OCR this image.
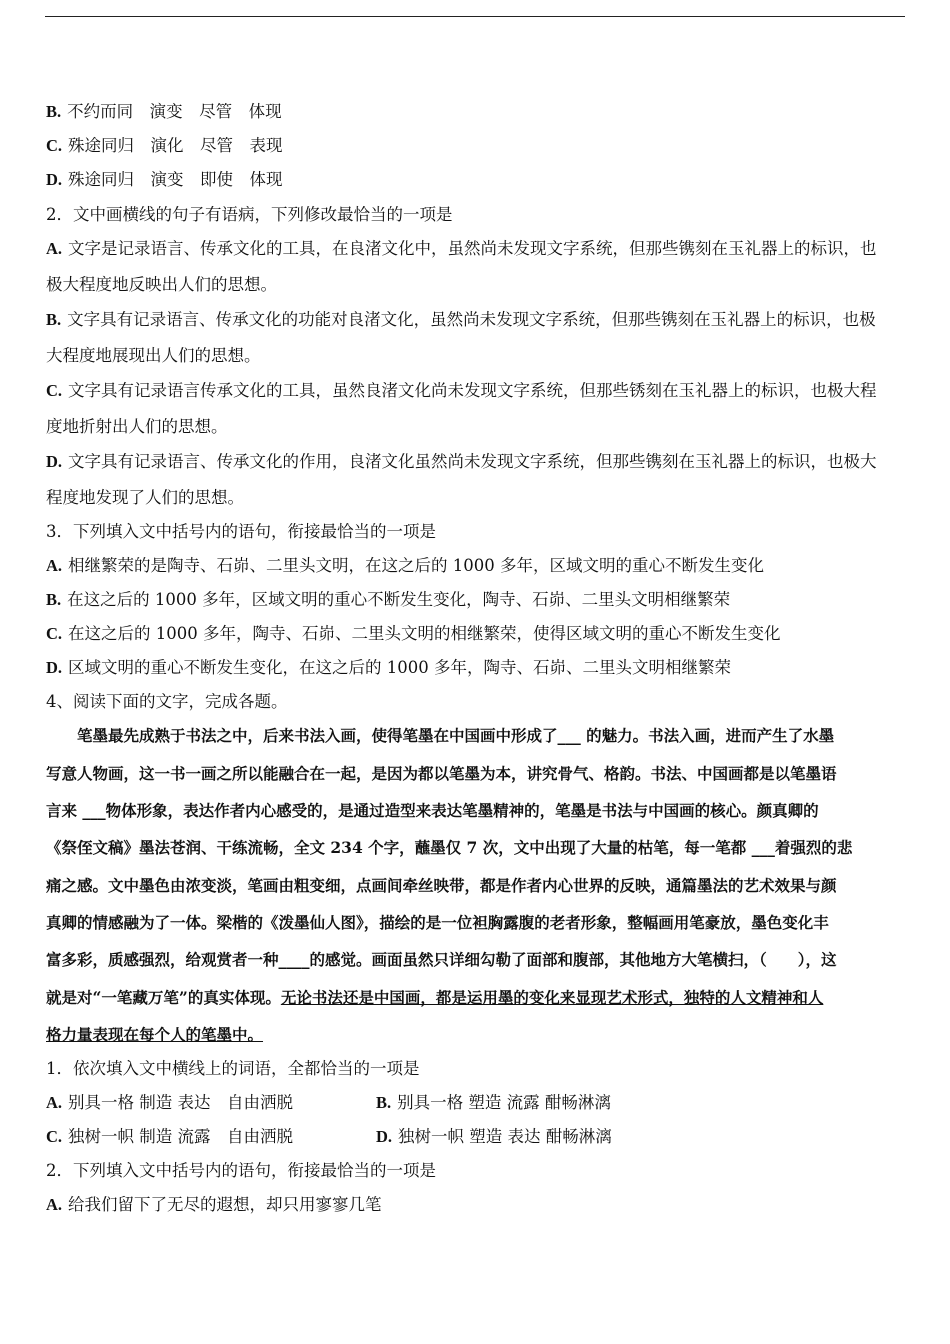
B. 不约而同　演变　尽管　体现
C. 殊途同归　演化　尽管　表现
D. 殊途同归　演变　即使　体现
2．文中画横线的句子有语病，下列修改最恰当的一项是
A. 文字是记录语言、传承文化的工具，在良渚文化中，虽然尚未发现文字系统，但那些镌刻在玉礼器上的标识，也
极大程度地反映出人们的思想。
B. 文字具有记录语言、传承文化的功能对良渚文化，虽然尚未发现文字系统，但那些镌刻在玉礼器上的标识，也极
大程度地展现出人们的思想。
C. 文字具有记录语言传承文化的工具，虽然良渚文化尚未发现文字系统，但那些锈刻在玉礼器上的标识，也极大程
度地折射出人们的思想。
D. 文字具有记录语言、传承文化的作用，良渚文化虽然尚未发现文字系统，但那些镌刻在玉礼器上的标识，也极大
程度地发现了人们的思想。
3．下列填入文中括号内的语句，衔接最恰当的一项是
A. 相继繁荣的是陶寺、石峁、二里头文明，在这之后的 1000 多年，区域文明的重心不断发生变化
B. 在这之后的 1000 多年，区域文明的重心不断发生变化，陶寺、石峁、二里头文明相继繁荣
C. 在这之后的 1000 多年，陶寺、石峁、二里头文明的相继繁荣，使得区域文明的重心不断发生变化
D. 区域文明的重心不断发生变化，在这之后的 1000 多年，陶寺、石峁、二里头文明相继繁荣
4、阅读下面的文字，完成各题。
　　笔墨最先成熟于书法之中，后来书法入画，使得笔墨在中国画中形成了___ 的魅力。书法入画，进而产生了水墨
写意人物画，这一书一画之所以能融合在一起，是因为都以笔墨为本，讲究骨气、格韵。书法、中国画都是以笔墨语
言来 ___物体形象，表达作者内心感受的，是通过造型来表达笔墨精神的，笔墨是书法与中国画的核心。颜真卿的
《祭侄文稿》墨法苍润、干练流畅，全文 234 个字，蘸墨仅 7 次，文中出现了大量的枯笔，每一笔都 ___着强烈的悲
痛之感。文中墨色由浓变淡，笔画由粗变细，点画间牵丝映带，都是作者内心世界的反映，通篇墨法的艺术效果与颜
真卿的情感融为了一体。梁楷的《泼墨仙人图》，描绘的是一位袒胸露腹的老者形象，整幅画用笔豪放，墨色变化丰
富多彩，质感强烈，给观赏者一种____的感觉。画面虽然只详细勾勒了面部和腹部，其他地方大笔横扫，（　　），这
就是对“一笔藏万笔”的真实体现。无论书法还是中国画，都是运用墨的变化来显现艺术形式，独特的人文精神和人
格力量表现在每个人的笔墨中。
1．依次填入文中横线上的词语，全都恰当的一项是
A. 别具一格 制造 表达　自由洒脱	B. 别具一格 塑造 流露 酣畅淋漓
C. 独树一帜 制造 流露　自由洒脱	D. 独树一帜 塑造 表达 酣畅淋漓
2．下列填入文中括号内的语句，衔接最恰当的一项是
A. 给我们留下了无尽的遐想，却只用寥寥几笔
